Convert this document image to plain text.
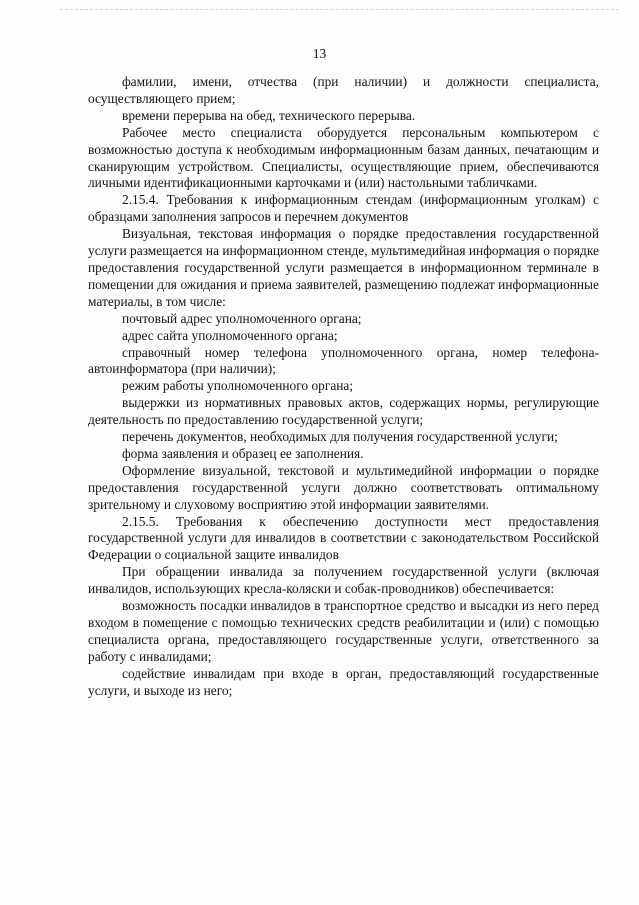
13

фамилии, имени, отчества (при наличии) и должности специалиста, осуществляющего прием;

времени перерыва на обед, технического перерыва.

Рабочее место специалиста оборудуется персональным компьютером с возможностью доступа к необходимым информационным базам данных, печатающим и сканирующим устройством. Специалисты, осуществляющие прием, обеспечиваются личными идентификационными карточками и (или) настольными табличками.

2.15.4. Требования к информационным стендам (информационным уголкам) с образцами заполнения запросов и перечнем документов

Визуальная, текстовая информация о порядке предоставления государственной услуги размещается на информационном стенде, мультимедийная информация о порядке предоставления государственной услуги размещается в информационном терминале в помещении для ожидания и приема заявителей, размещению подлежат информационные материалы, в том числе:

почтовый адрес уполномоченного органа;

адрес сайта уполномоченного органа;

справочный номер телефона уполномоченного органа, номер телефона-автоинформатора (при наличии);

режим работы уполномоченного органа;

выдержки из нормативных правовых актов, содержащих нормы, регулирующие деятельность по предоставлению государственной услуги;

перечень документов, необходимых для получения государственной услуги;

форма заявления и образец ее заполнения.

Оформление визуальной, текстовой и мультимедийной информации о порядке предоставления государственной услуги должно соответствовать оптимальному зрительному и слуховому восприятию этой информации заявителями.

2.15.5. Требования к обеспечению доступности мест предоставления государственной услуги для инвалидов в соответствии с законодательством Российской Федерации о социальной защите инвалидов

При обращении инвалида за получением государственной услуги (включая инвалидов, использующих кресла-коляски и собак-проводников) обеспечивается:

возможность посадки инвалидов в транспортное средство и высадки из него перед входом в помещение с помощью технических средств реабилитации и (или) с помощью специалиста органа, предоставляющего государственные услуги, ответственного за работу с инвалидами;

содействие инвалидам при входе в орган, предоставляющий государственные услуги, и выходе из него;
